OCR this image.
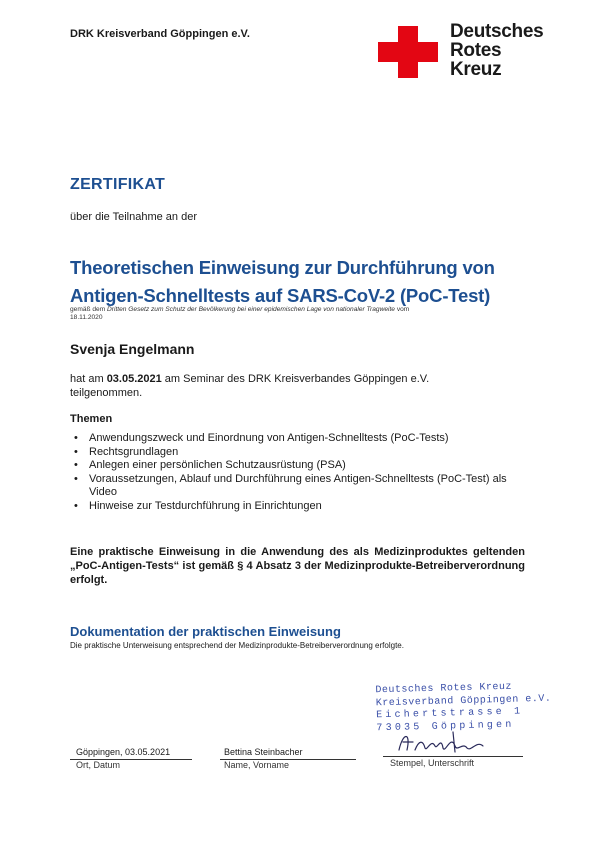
DRK Kreisverband Göppingen e.V.	Deutsches
Rotes
Kreuz
ZERTIFIKAT
über die Teilnahme an der
Theoretischen Einweisung zur Durchführung von
Antigen-Schnelltests auf SARS-CoV-2 (PoC-Test)
gemäß dem Dritten Gesetz zum Schutz der Bevölkerung bei einer epidemischen Lage von nationaler Tragweite vom
18.11.2020
Svenja Engelmann
hat am 03.05.2021 am Seminar des DRK Kreisverbandes Göppingen e.V.
teilgenommen.
Themen
• Anwendungszweck und Einordnung von Antigen-Schnelltests (PoC-Tests)
• Rechtsgrundlagen
• Anlegen einer persönlichen Schutzausrüstung (PSA)
• Voraussetzungen, Ablauf und Durchführung eines Antigen-Schnelltests (PoC-Test) als Video
• Hinweise zur Testdurchführung in Einrichtungen
Eine praktische Einweisung in die Anwendung des als Medizinproduktes geltenden „PoC-Antigen-Tests“ ist gemäß § 4 Absatz 3 der Medizinprodukte-Betreiberverordnung erfolgt.
Dokumentation der praktischen Einweisung
Die praktische Unterweisung entsprechend der Medizinprodukte-Betreiberverordnung erfolgte.
Deutsches Rotes Kreuz
Kreisverband Göppingen e.V.
Eichertstrasse 1
73035 Göppingen
Göppingen, 03.05.2021	Bettina Steinbacher
Ort, Datum	Name, Vorname	Stempel, Unterschrift
